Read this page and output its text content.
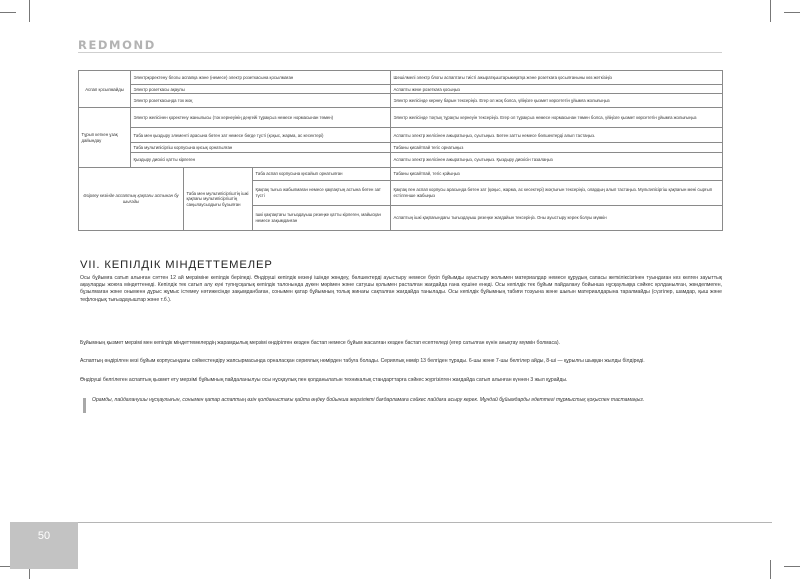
REDMOND
Аспап қосылмайды	Электрқоректену блогы аспапқа және (немесе) электр розеткасына қосылмаған			Шешілмелі электр блогы аспаптағы тиісті ажыратқыштарыкиқатқа және розеткаға қосылғаныны көз жеткізіңіз
	Электр розеткасы ақаулы			Аспапты жеке розеткаға қосыңыз
	Электр розеткасында ток жоқ			Электр желісінде кернеу барын тексеріңіз. Егер ол жоқ болса, үйіңізге қызмет көрсететін ұйымға жолығыңыз
Тұрып кеткен ұзақ дайындау	Электр желісінен қоректену жанылысы (ток кернеуінің деңгейі тұрақсыз немесе нормасынан төмен)			Электр желісінде тоқтық тұрақты кернеуін тексеріңіз. Егер ол тұрақсыз немесе нормасынан төмен болса, үйіңізге қызмет көрсететін ұйымға жолығыңыз
	Таба мен қыздыру элементі арасына бөтен зат немесе бөгде тұсті (қоқыс, жарма, ас кесектері)			Аспапты электр желісінен ажыратыңыз, суытыңыз. Бөтен затты немесе бөлшектерді алып тастаңыз.
	Таба мультипісіргіш корпусына қисық орнатылған			Табаны қисайтпай тегіс орнатыңыз
	Қыздыру дискісі қатты кірлеген			Аспапты электр желісінен ажыратыңыз, суытыңыз. Қыздыру дискісін тазалаңыз
Әзірлеу кезінде аспаптың қақпағы астынан бу шығады		Таба мен мультипісіргіштің ішкі қақпағы мультипісіргіштің саңылаусыздығы бұзылған	Таба аспап корпусына қисайып орнатылған	Табаны қисайтпай, тегіс қойыңыз
			Қақпақ тығыз жабылмаған немесе қақпақтың астына бөтен зат түсті	Қақпақ пен аспап корпусы арасында бөтен зат (қоқыс, жарма, ас кесектері) жоқтығын тексеріңіз, олардың алып тастаңыз. Мультипісіргіш қақпағын мені сырғып естілгенше жабыңыз
			Ішкі қақпақтағы тығыздауыш резеңке қатты кірлеген, майысқан немесе зақымданған	Аспаптың ішкі қақпағындағы тығыздауыш резеңке жағдайын тексеріңіз. Оны ауыстыру керек болуы мүмкін
VII. КЕПІЛДІК МІНДЕТТЕМЕЛЕР

Осы бұйымға сатып алынған сәттен 12 ай мерзіміне кепілдік беріледі. Өндіруші кепілдік кезеңі ішінде жөндеу, бөлшектерді ауыстыру немесе бүкіл бұйымды ауыстыру жолымен материалдар немесе құрудың сапасы жеткіліксізгінен туындаған кез келген зауыттық ақауларды жоюға міндеттенеді. Кепілдік тек сатып алу күні түпнұсқалық кепілдік талонында дүкен мөрімен және сатушы қолымен расталған жағдайда ғана күшіне енеді. Осы кепілдік тек бұйым пайдалану бойынша нұсқаулыққа сәйкес қолданылған, жөнделмеген, бұзылмаған және оныменн дұрыс жұмыс істемеу нәтижесінде зақымданбаған, сонымен қатар бұйымның толық жинағы сақталған жағдайда танылады. Осы кепілдік бұйымның табиғи тозуына және шығын материалдарына таралмайды (сүзгілер, шамдар, қыш және тефлондық тығыздауыштар және т.б.).

Бұйымның қызмет мерзімі мен кепілдік міндеттемелердің жарамдылық мерзімі өндірілген кезден бастап немесе бұйым жасалған кезден бастап есептеледі (егер сатылған күнін анықтау мүмкін болмаса).

Аспаптың өндірілген кезі бұйым корпусындағы сәйкестендіру жапсырмасында орналасқан сериялық нөмірден табуға болады. Сериялық нөмір 13 белгіден тұрады. 6-шы және 7-шы белгілер айды, 8-ші — құрылғы шыққан жылды білдіреді.

Өндіруші белгілеген аспаптың қызмет ету мерзімі бұйымның пайдаланылуы осы нұсқаулық пен қолданылатын техникалық стандарттарға сәйкес жүргізілген жағдайда сатып алынған күннен 3 жыл құрайды.

Орамды, пайдаланушы нұсқаулығын, сонымен қатар аспаптың өзін қолданыстағы қайта өңдеу бойынша жергілікті бағдарламаға сәйкес пайдаға асыру керек. Мұндай бұйымдарды әдеттегі тұрмыстық қоқыспен тастамаңыз.

50
